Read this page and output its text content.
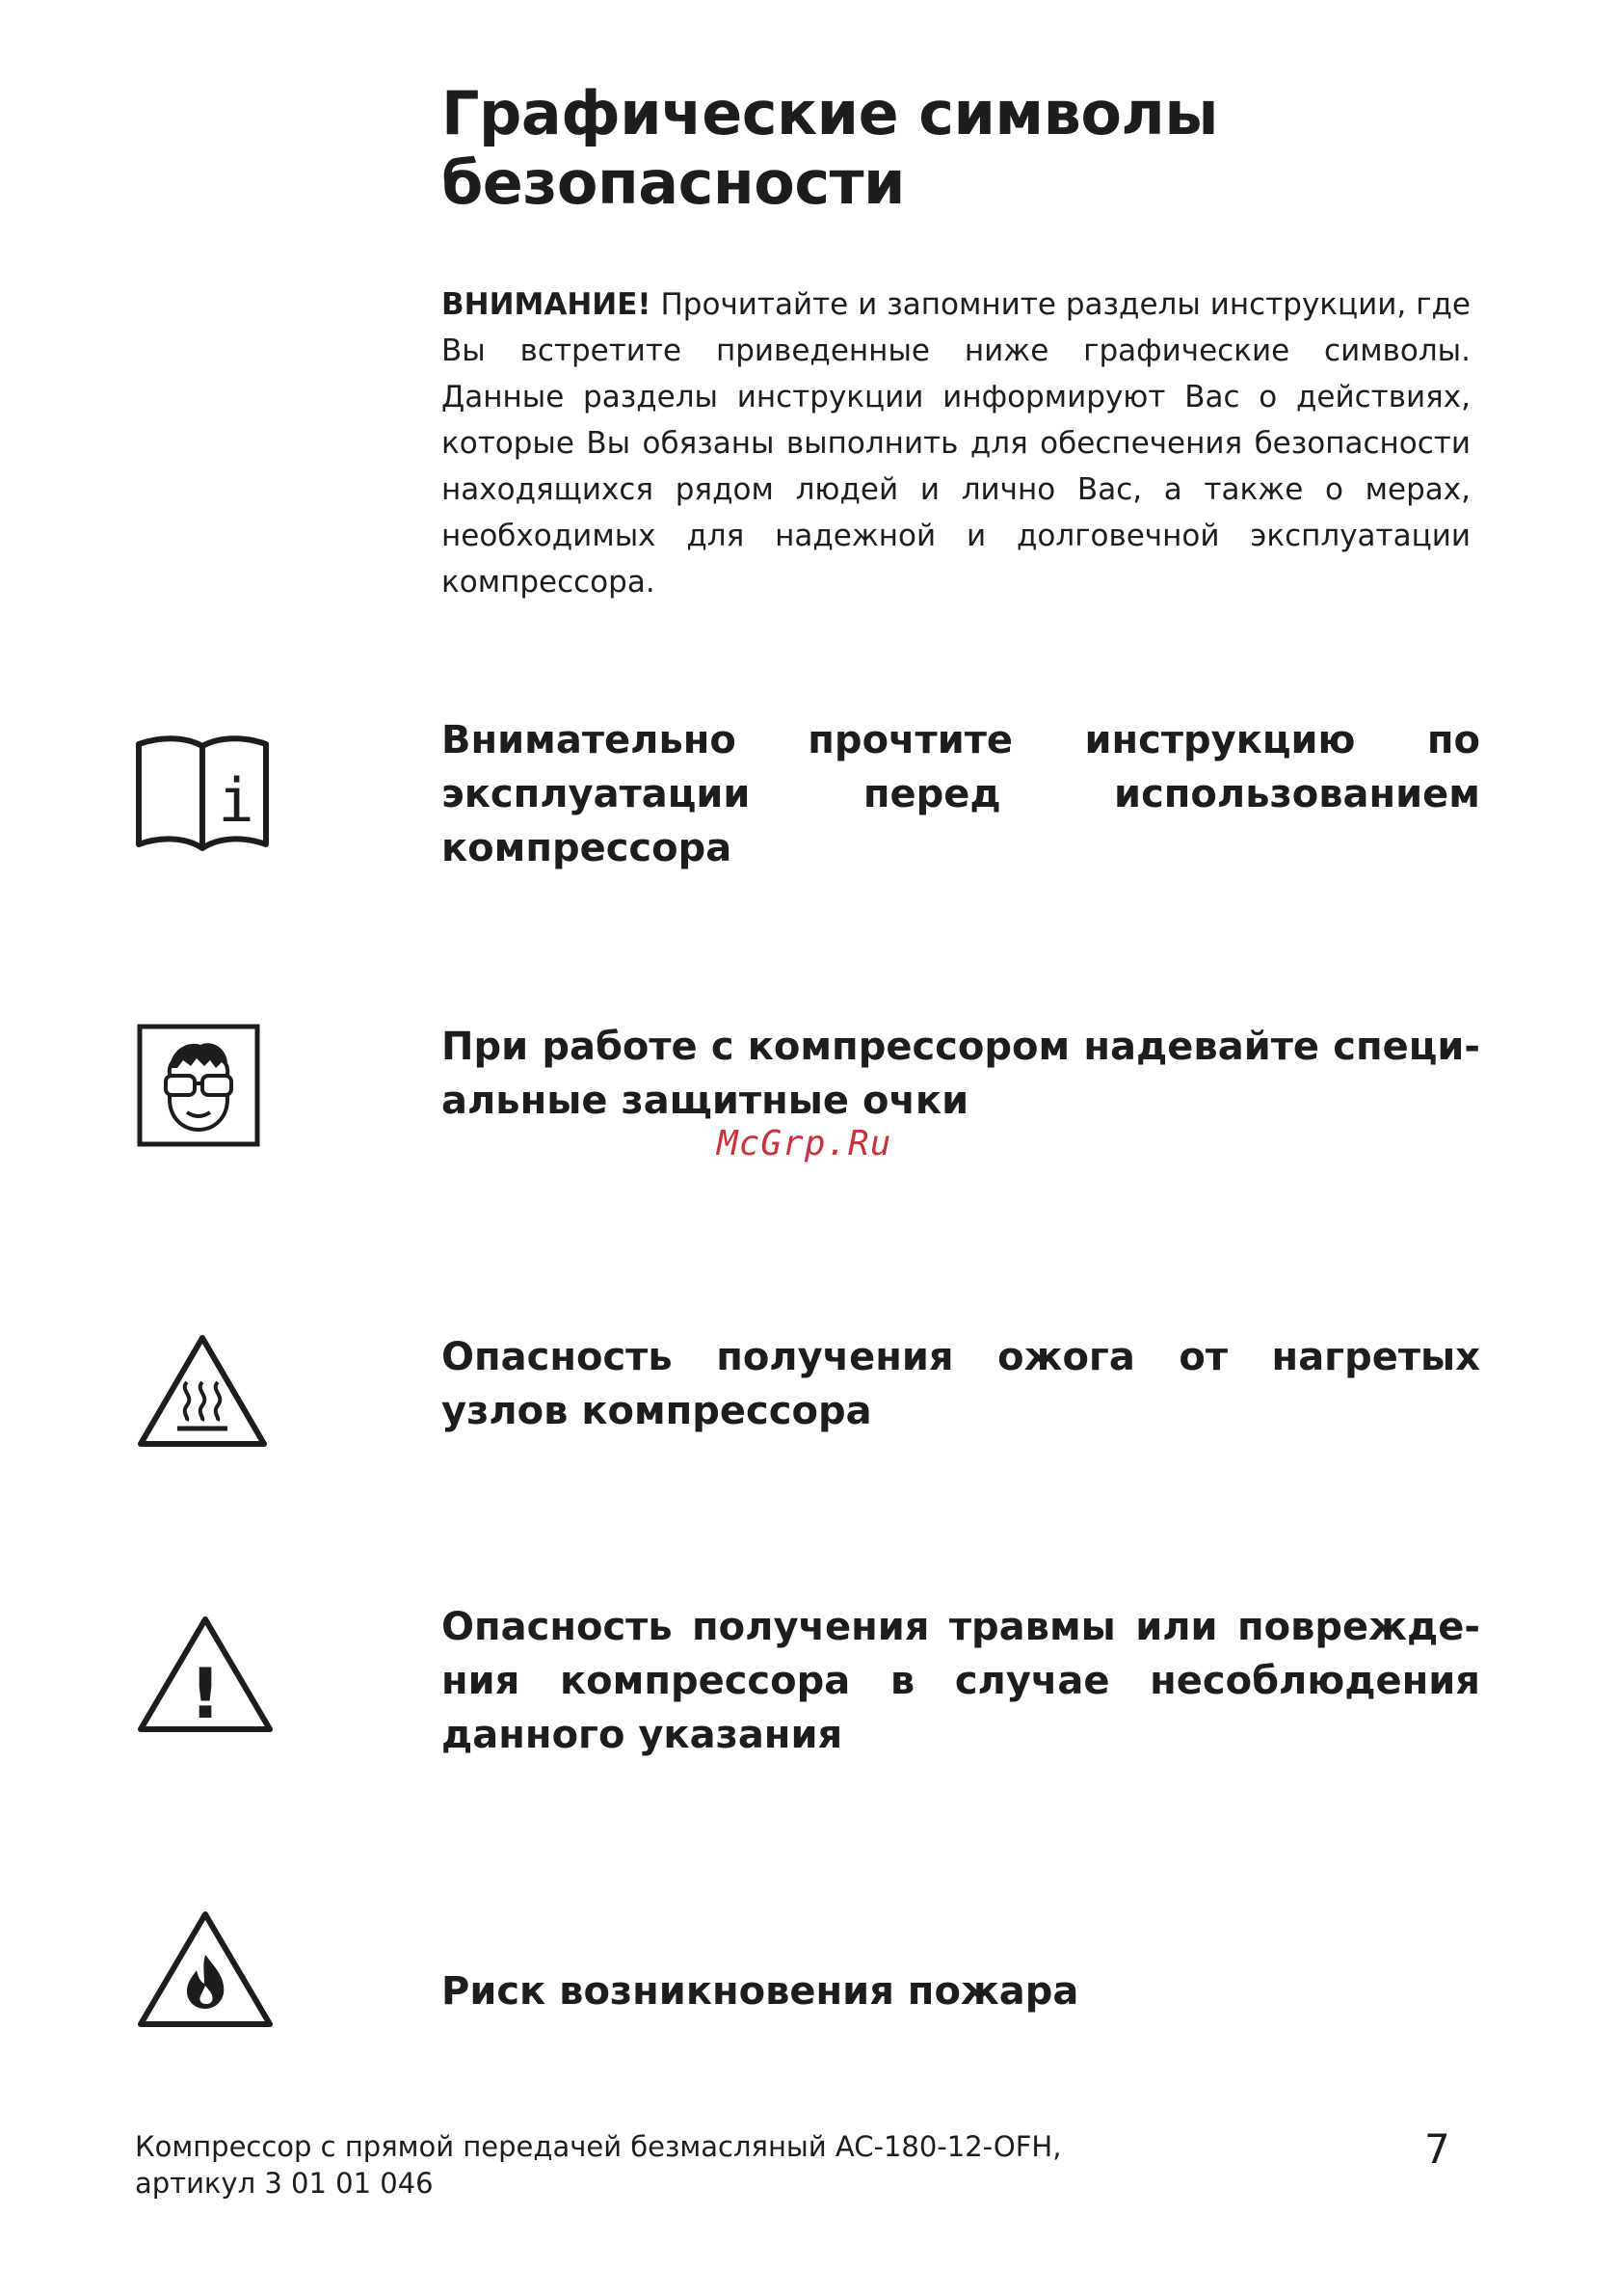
Графические символы
безопасности

ВНИМАНИЕ! Прочитайте и запомните разделы инструкции, где Вы встретите приведенные ниже графические символы. Данные разделы инструкции информируют Вас о действиях, которые Вы обязаны выполнить для обеспечения безопасности находящихся рядом людей и лично Вас, а также о мерах, необходимых для надежной и долговечной эксплуатации компрессора.

i

Внимательно прочтите инструкцию по эксплуатации перед использованием компрессора

При работе с компрессором надевайте специальные защитные очки

McGrp.Ru

Опасность получения ожога от нагретых узлов компрессора

!

Опасность получения травмы или повреждения компрессора в случае несоблюдения данного указания

Риск возникновения пожара

Компрессор с прямой передачей безмасляный AC-180-12-OFH,
артикул 3 01 01 046
7
